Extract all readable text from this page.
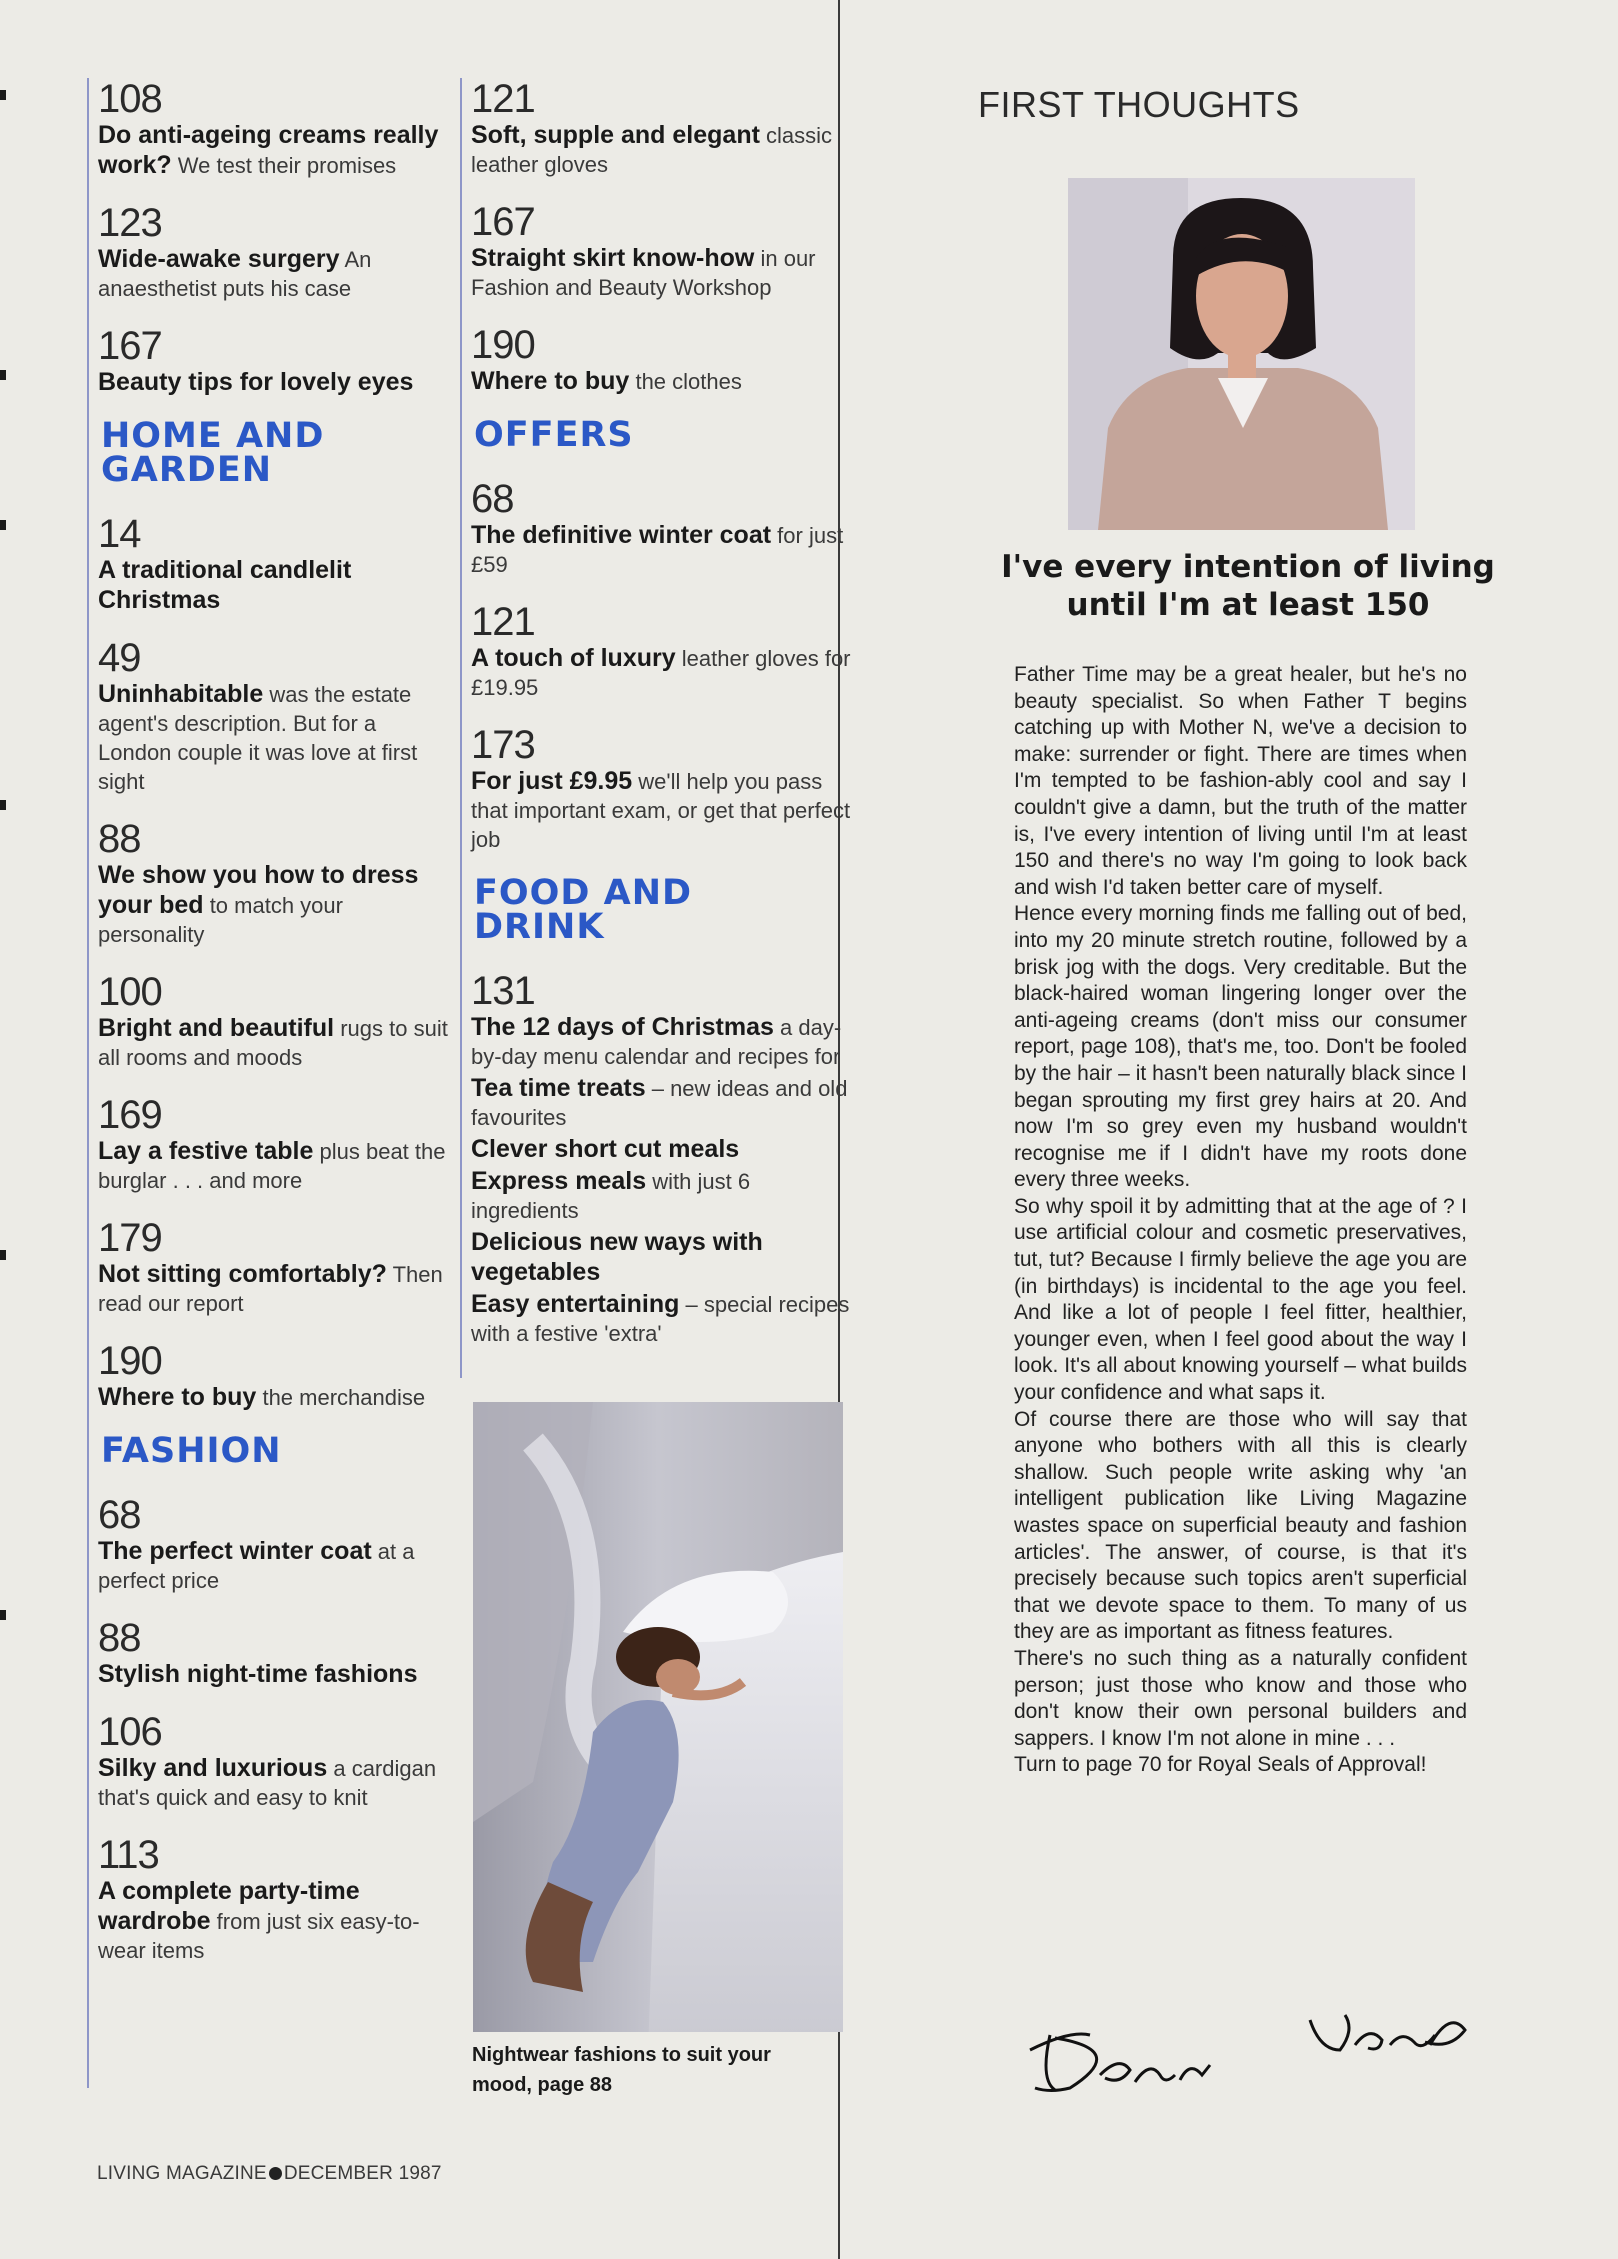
108
Do anti-ageing creams really work? We test their promises
123
Wide-awake surgery An anaesthetist puts his case
167
Beauty tips for lovely eyes
HOME AND GARDEN
14
A traditional candlelit Christmas
49
Uninhabitable was the estate agent's description. But for a London couple it was love at first sight
88
We show you how to dress your bed to match your personality
100
Bright and beautiful rugs to suit all rooms and moods
169
Lay a festive table plus beat the burglar . . . and more
179
Not sitting comfortably? Then read our report
190
Where to buy the merchandise
FASHION
68
The perfect winter coat at a perfect price
88
Stylish night-time fashions
106
Silky and luxurious a cardigan that's quick and easy to knit
113
A complete party-time wardrobe from just six easy-to-wear items
121
Soft, supple and elegant classic leather gloves
167
Straight skirt know-how in our Fashion and Beauty Workshop
190
Where to buy the clothes
OFFERS
68
The definitive winter coat for just £59
121
A touch of luxury leather gloves for £19.95
173
For just £9.95 we'll help you pass that important exam, or get that perfect job
FOOD AND DRINK
131
The 12 days of Christmas a day-by-day menu calendar and recipes for
Tea time treats – new ideas and old favourites
Clever short cut meals
Express meals with just 6 ingredients
Delicious new ways with vegetables
Easy entertaining – special recipes with a festive 'extra'
Nightwear fashions to suit your mood, page 88
LIVING MAGAZINE DECEMBER 1987
FIRST THOUGHTS
I've every intention of living until I'm at least 150

Father Time may be a great healer, but he's no beauty specialist. So when Father T begins catching up with Mother N, we've a decision to make: surrender or fight. There are times when I'm tempted to be fashion-ably cool and say I couldn't give a damn, but the truth of the matter is, I've every intention of living until I'm at least 150 and there's no way I'm going to look back and wish I'd taken better care of myself.

Hence every morning finds me falling out of bed, into my 20 minute stretch routine, followed by a brisk jog with the dogs. Very creditable. But the black-haired woman lingering longer over the anti-ageing creams (don't miss our consumer report, page 108), that's me, too. Don't be fooled by the hair – it hasn't been naturally black since I began sprouting my first grey hairs at 20. And now I'm so grey even my husband wouldn't recognise me if I didn't have my roots done every three weeks.

So why spoil it by admitting that at the age of ? I use artificial colour and cosmetic preservatives, tut, tut? Because I firmly believe the age you are (in birthdays) is incidental to the age you feel. And like a lot of people I feel fitter, healthier, younger even, when I feel good about the way I look. It's all about knowing yourself – what builds your confidence and what saps it.

Of course there are those who will say that anyone who bothers with all this is clearly shallow. Such people write asking why 'an intelligent publication like Living Magazine wastes space on superficial beauty and fashion articles'. The answer, of course, is that it's precisely because such topics aren't superficial that we devote space to them. To many of us they are as important as fitness features.

There's no such thing as a naturally confident person; just those who know and those who don't know their own personal builders and sappers. I know I'm not alone in mine . . .

Turn to page 70 for Royal Seals of Approval!
